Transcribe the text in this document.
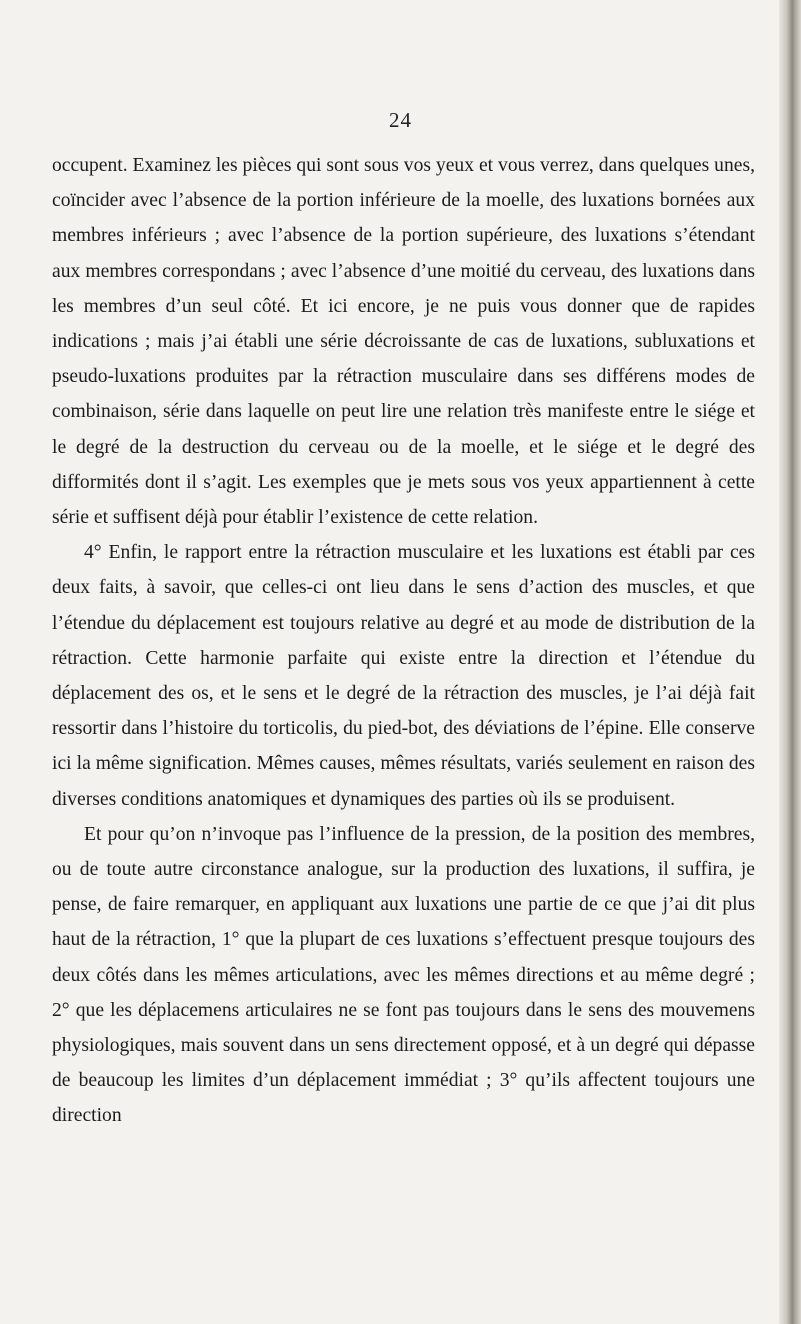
24

occupent. Examinez les pièces qui sont sous vos yeux et vous verrez, dans quelques unes, coïncider avec l’absence de la portion inférieure de la moelle, des luxations bornées aux membres inférieurs ; avec l’absence de la portion supérieure, des luxations s’étendant aux membres correspondans ; avec l’absence d’une moitié du cerveau, des luxations dans les membres d’un seul côté. Et ici encore, je ne puis vous donner que de rapides indications ; mais j’ai établi une série décroissante de cas de luxations, subluxations et pseudo-luxations produites par la rétraction musculaire dans ses différens modes de combinaison, série dans laquelle on peut lire une relation très manifeste entre le siége et le degré de la destruction du cerveau ou de la moelle, et le siége et le degré des difformités dont il s’agit. Les exemples que je mets sous vos yeux appartiennent à cette série et suffisent déjà pour établir l’existence de cette relation.

4° Enfin, le rapport entre la rétraction musculaire et les luxations est établi par ces deux faits, à savoir, que celles-ci ont lieu dans le sens d’action des muscles, et que l’étendue du déplacement est toujours relative au degré et au mode de distribution de la rétraction. Cette harmonie parfaite qui existe entre la direction et l’étendue du déplacement des os, et le sens et le degré de la rétraction des muscles, je l’ai déjà fait ressortir dans l’histoire du torticolis, du pied-bot, des déviations de l’épine. Elle conserve ici la même signification. Mêmes causes, mêmes résultats, variés seulement en raison des diverses conditions anatomiques et dynamiques des parties où ils se produisent.

Et pour qu’on n’invoque pas l’influence de la pression, de la position des membres, ou de toute autre circonstance analogue, sur la production des luxations, il suffira, je pense, de faire remarquer, en appliquant aux luxations une partie de ce que j’ai dit plus haut de la rétraction, 1° que la plupart de ces luxations s’effectuent presque toujours des deux côtés dans les mêmes articulations, avec les mêmes directions et au même degré ; 2° que les déplacemens articulaires ne se font pas toujours dans le sens des mouvemens physiologiques, mais souvent dans un sens directement opposé, et à un degré qui dépasse de beaucoup les limites d’un déplacement immédiat ; 3° qu’ils affectent toujours une direction
